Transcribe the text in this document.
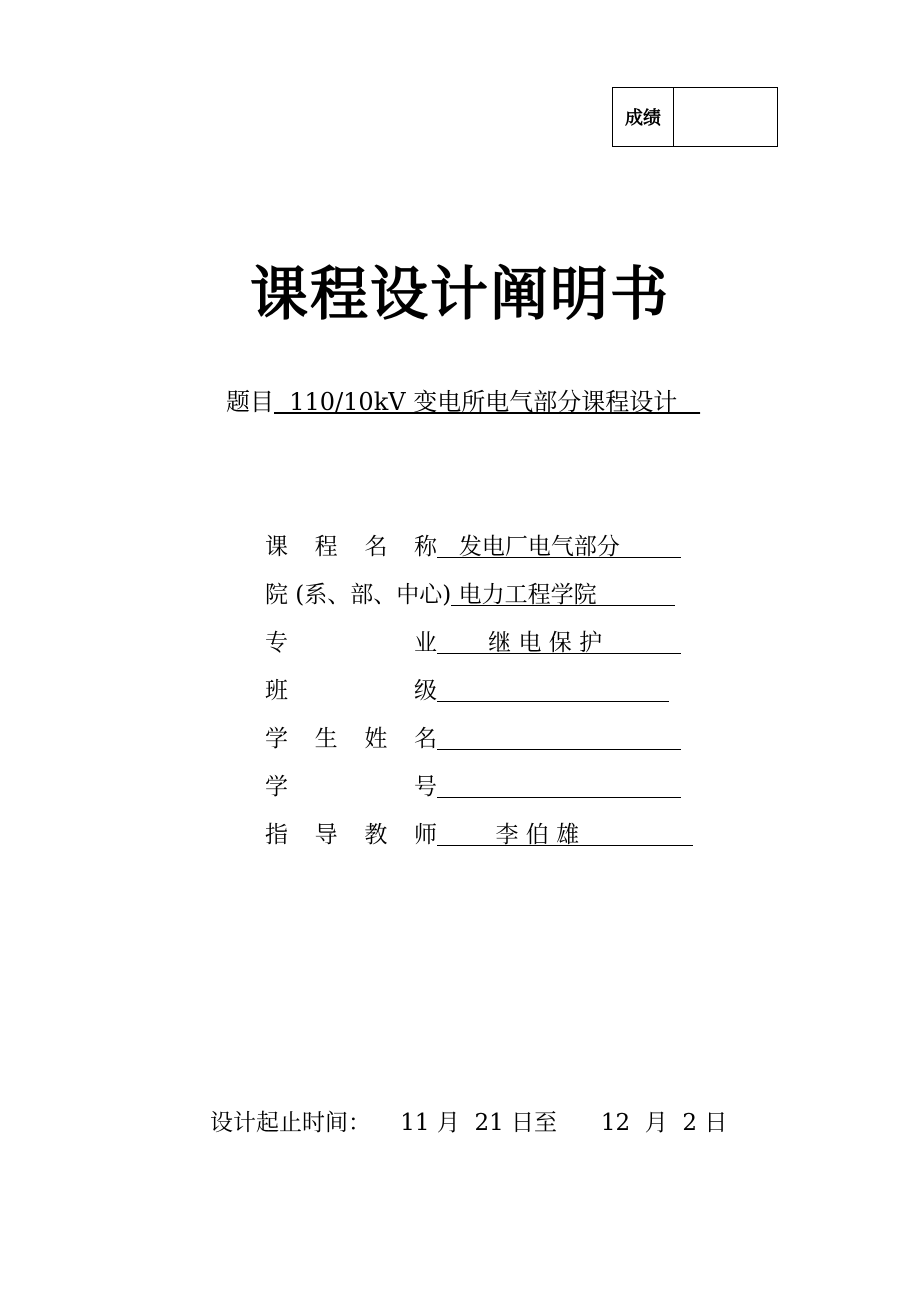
成绩
课程设计阐明书
题目  110/10kV 变电所电气部分课程设计
课 程 名 称 发电厂电气部分
院 (系、部、中心) 电力工程学院
专	业 继 电 保 护
班	级
学 生 姓 名
学	号
指 导 教 师 李 伯 雄
设计起止时间：    11 月  21 日至      12  月  2 日
